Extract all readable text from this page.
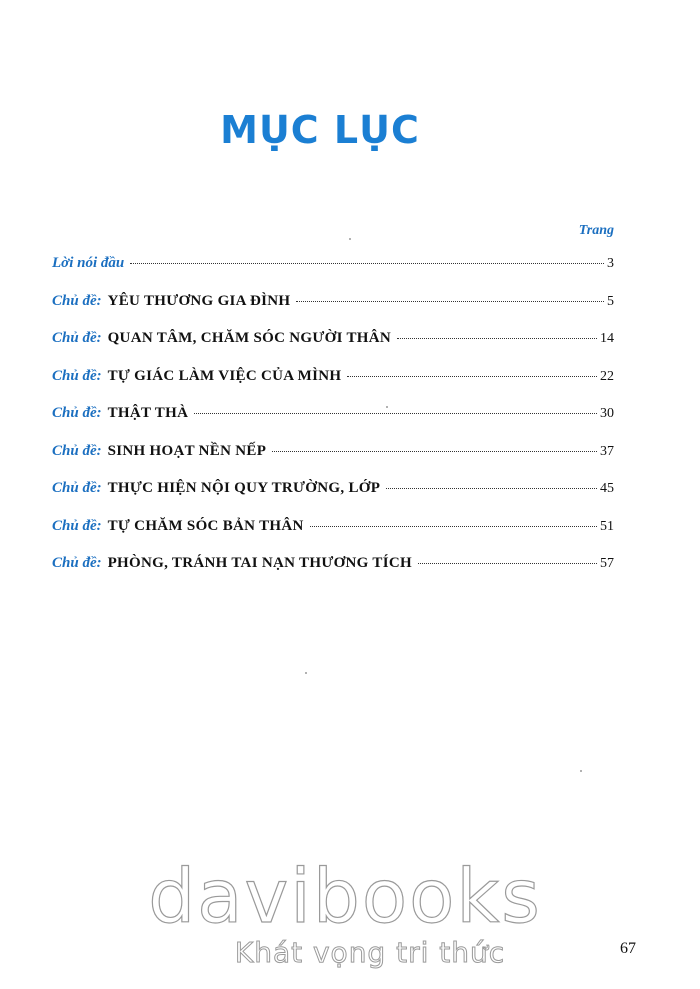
MỤC LỤC
Trang
Lời nói đầu	3
Chủ đề: YÊU THƯƠNG GIA ĐÌNH	5
Chủ đề: QUAN TÂM, CHĂM SÓC NGƯỜI THÂN	14
Chủ đề: TỰ GIÁC LÀM VIỆC CỦA MÌNH	22
Chủ đề: THẬT THÀ	30
Chủ đề: SINH HOẠT NỀN NẾP	37
Chủ đề: THỰC HIỆN NỘI QUY TRƯỜNG, LỚP	45
Chủ đề: TỰ CHĂM SÓC BẢN THÂN	51
Chủ đề: PHÒNG, TRÁNH TAI NẠN THƯƠNG TÍCH	57
davibooks
Khát vọng tri thức	67
